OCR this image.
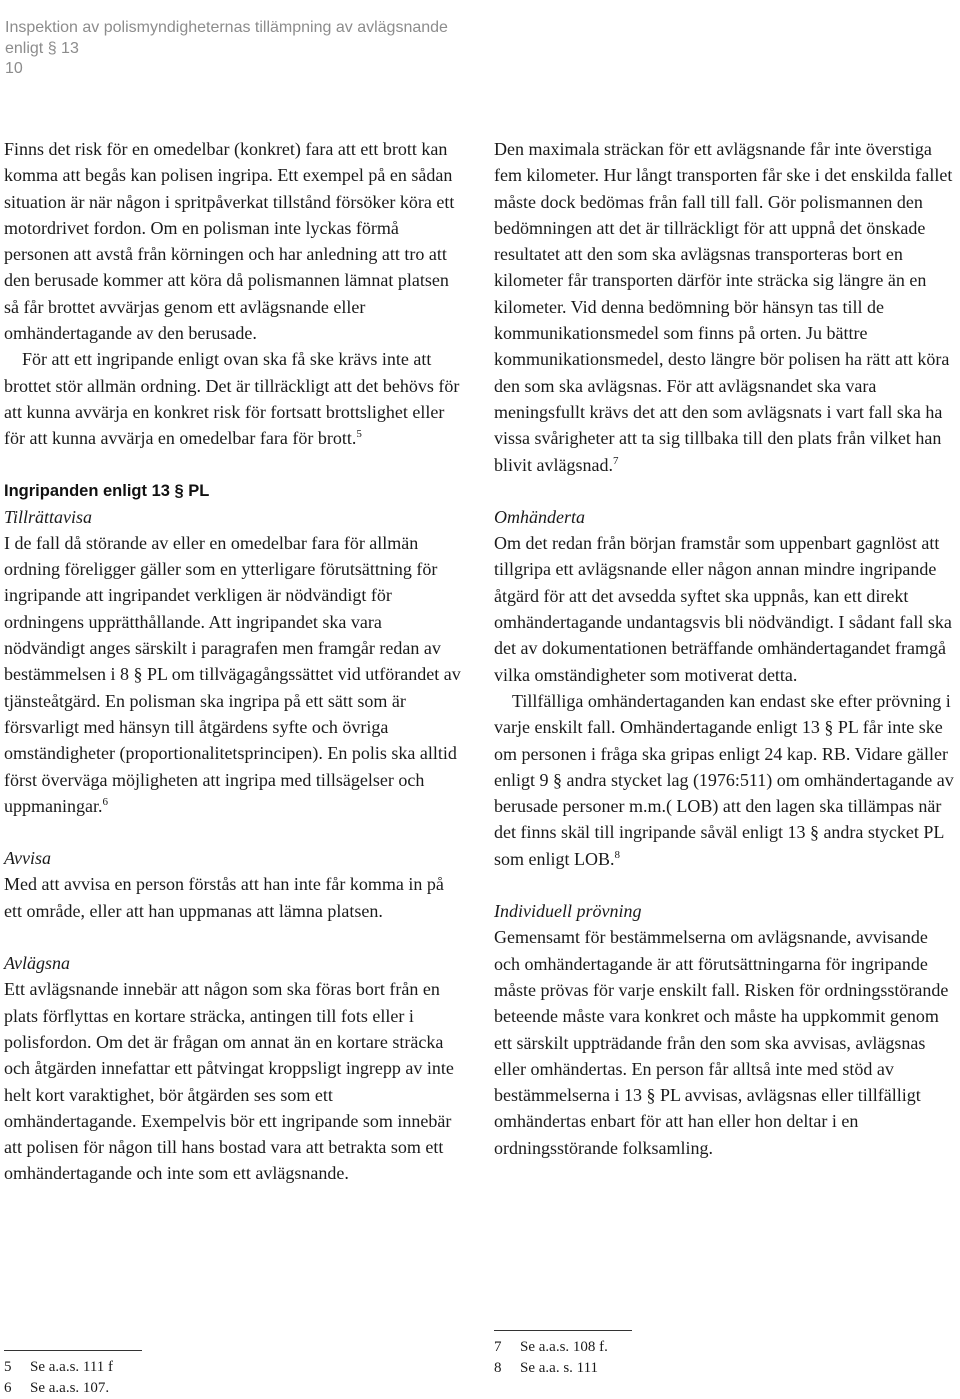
Inspektion av polismyndigheternas tillämpning av avlägsnande
enligt § 13
10

Finns det risk för en omedelbar (konkret) fara att ett brott kan komma att begås kan polisen ingripa. Ett exempel på en sådan situation är när någon i spritpåverkat tillstånd försöker köra ett motordrivet fordon. Om en polisman inte lyckas förmå personen att avstå från körningen och har anledning att tro att den berusade kommer att köra då polismannen lämnat platsen så får brottet avvärjas genom ett avlägsnande eller omhändertagande av den berusade.

För att ett ingripande enligt ovan ska få ske krävs inte att brottet stör allmän ordning. Det är tillräckligt att det behövs för att kunna avvärja en konkret risk för fortsatt brottslighet eller för att kunna avvärja en omedelbar fara för brott.$^5$

Ingripanden enligt 13 § PL
Tillrättavisa

I de fall då störande av eller en omedelbar fara för allmän ordning föreligger gäller som en ytterligare förutsättning för ingripande att ingripandet verkligen är nödvändigt för ordningens upprätthållande. Att ingripandet ska vara nödvändigt anges särskilt i paragrafen men framgår redan av bestämmelsen i 8 § PL om tillvägagångssättet vid utförandet av tjänsteåtgärd. En polisman ska ingripa på ett sätt som är försvarligt med hänsyn till åtgärdens syfte och övriga omständigheter (proportionalitetsprincipen). En polis ska alltid först överväga möjligheten att ingripa med tillsägelser och uppmaningar.$^6$

Avvisa

Med att avvisa en person förstås att han inte får komma in på ett område, eller att han uppmanas att lämna platsen.

Avlägsna

Ett avlägsnande innebär att någon som ska föras bort från en plats förflyttas en kortare sträcka, antingen till fots eller i polisfordon. Om det är frågan om annat än en kortare sträcka och åtgärden innefattar ett påtvingat kroppsligt ingrepp av inte helt kort varaktighet, bör åtgärden ses som ett omhändertagande. Exempelvis bör ett ingripande som innebär att polisen för någon till hans bostad vara att betrakta som ett omhändertagande och inte som ett avlägsnande.

Den maximala sträckan för ett avlägsnande får inte överstiga fem kilometer. Hur långt transporten får ske i det enskilda fallet måste dock bedömas från fall till fall. Gör polismannen den bedömningen att det är tillräckligt för att uppnå det önskade resultatet att den som ska avlägsnas transporteras bort en kilometer får transporten därför inte sträcka sig längre än en kilometer. Vid denna bedömning bör hänsyn tas till de kommunikationsmedel som finns på orten. Ju bättre kommunikationsmedel, desto längre bör polisen ha rätt att köra den som ska avlägsnas. För att avlägsnandet ska vara meningsfullt krävs det att den som avlägsnats i vart fall ska ha vissa svårigheter att ta sig tillbaka till den plats från vilket han blivit avlägsnad.$^7$

Omhänderta

Om det redan från början framstår som uppenbart gagnlöst att tillgripa ett avlägsnande eller någon annan mindre ingripande åtgärd för att det avsedda syftet ska uppnås, kan ett direkt omhändertagande undantagsvis bli nödvändigt. I sådant fall ska det av dokumentationen beträffande omhändertagandet framgå vilka omständigheter som motiverat detta.

Tillfälliga omhändertaganden kan endast ske efter prövning i varje enskilt fall. Omhändertagande enligt 13 § PL får inte ske om personen i fråga ska gripas enligt 24 kap. RB. Vidare gäller enligt 9 § andra stycket lag (1976:511) om omhändertagande av berusade personer m.m.( LOB) att den lagen ska tillämpas när det finns skäl till ingripande såväl enligt 13 § andra stycket PL som enligt LOB.$^8$

Individuell prövning

Gemensamt för bestämmelserna om avlägsnande, avvisande och omhändertagande är att förutsättningarna för ingripande måste prövas för varje enskilt fall. Risken för ordningsstörande beteende måste vara konkret och måste ha uppkommit genom ett särskilt uppträdande från den som ska avvisas, avlägsnas eller omhändertas. En person får alltså inte med stöd av bestämmelserna i 13 § PL avvisas, avlägsnas eller tillfälligt omhändertas enbart för att han eller hon deltar i en ordningsstörande folksamling.

5 Se a.a.s. 111 f
6 Se a.a.s. 107.
7 Se a.a.s. 108 f.
8 Se a.a. s. 111
